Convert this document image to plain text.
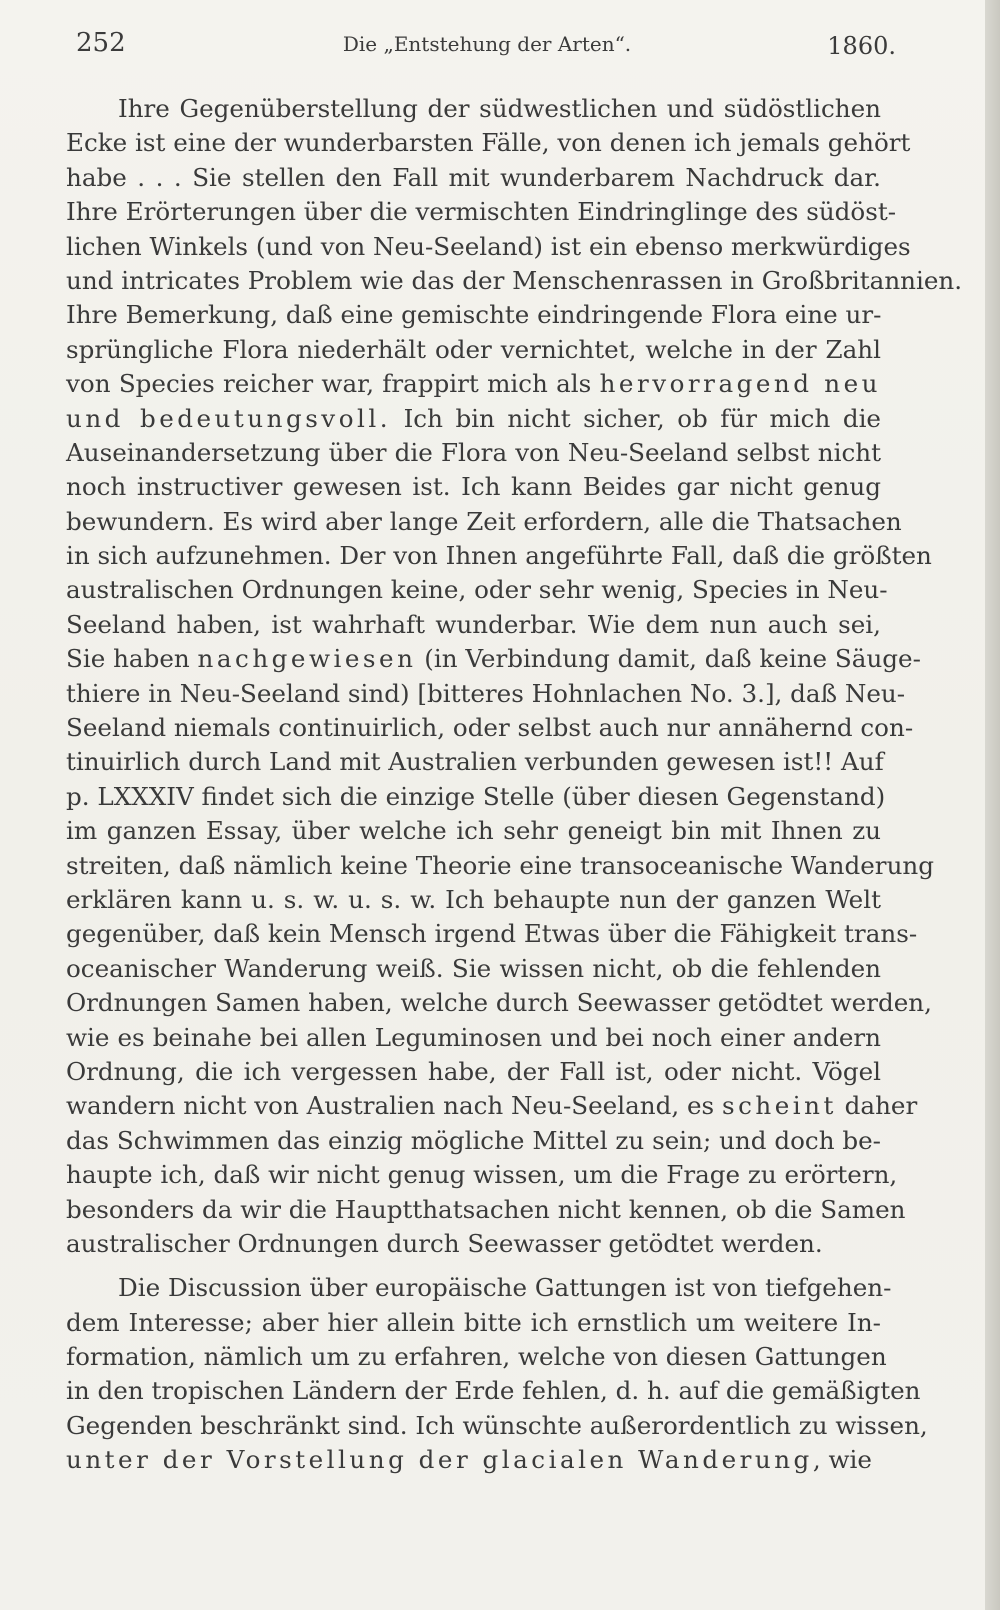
252	Die „Entstehung der Arten“.	1860.
Ihre Gegenüberstellung der südwestlichen und südöstlichen
Ecke ist eine der wunderbarsten Fälle, von denen ich jemals gehört
habe . . . Sie stellen den Fall mit wunderbarem Nachdruck dar.
Ihre Erörterungen über die vermischten Eindringlinge des südöst-
lichen Winkels (und von Neu-Seeland) ist ein ebenso merkwürdiges
und intricates Problem wie das der Menschenrassen in Großbritannien.
Ihre Bemerkung, daß eine gemischte eindringende Flora eine ur-
sprüngliche Flora niederhält oder vernichtet, welche in der Zahl
von Species reicher war, frappirt mich als hervorragend neu
und bedeutungsvoll. Ich bin nicht sicher, ob für mich die
Auseinandersetzung über die Flora von Neu-Seeland selbst nicht
noch instructiver gewesen ist. Ich kann Beides gar nicht genug
bewundern. Es wird aber lange Zeit erfordern, alle die Thatsachen
in sich aufzunehmen. Der von Ihnen angeführte Fall, daß die größten
australischen Ordnungen keine, oder sehr wenig, Species in Neu-
Seeland haben, ist wahrhaft wunderbar. Wie dem nun auch sei,
Sie haben nachgewiesen (in Verbindung damit, daß keine Säuge-
thiere in Neu-Seeland sind) [bitteres Hohnlachen No. 3.], daß Neu-
Seeland niemals continuirlich, oder selbst auch nur annähernd con-
tinuirlich durch Land mit Australien verbunden gewesen ist!! Auf
p. LXXXIV findet sich die einzige Stelle (über diesen Gegenstand)
im ganzen Essay, über welche ich sehr geneigt bin mit Ihnen zu
streiten, daß nämlich keine Theorie eine transoceanische Wanderung
erklären kann u. s. w. u. s. w. Ich behaupte nun der ganzen Welt
gegenüber, daß kein Mensch irgend Etwas über die Fähigkeit trans-
oceanischer Wanderung weiß. Sie wissen nicht, ob die fehlenden
Ordnungen Samen haben, welche durch Seewasser getödtet werden,
wie es beinahe bei allen Leguminosen und bei noch einer andern
Ordnung, die ich vergessen habe, der Fall ist, oder nicht. Vögel
wandern nicht von Australien nach Neu-Seeland, es scheint daher
das Schwimmen das einzig mögliche Mittel zu sein; und doch be-
haupte ich, daß wir nicht genug wissen, um die Frage zu erörtern,
besonders da wir die Hauptthatsachen nicht kennen, ob die Samen
australischer Ordnungen durch Seewasser getödtet werden.
Die Discussion über europäische Gattungen ist von tiefgehen-
dem Interesse; aber hier allein bitte ich ernstlich um weitere In-
formation, nämlich um zu erfahren, welche von diesen Gattungen
in den tropischen Ländern der Erde fehlen, d. h. auf die gemäßigten
Gegenden beschränkt sind. Ich wünschte außerordentlich zu wissen,
unter der Vorstellung der glacialen Wanderung, wie
